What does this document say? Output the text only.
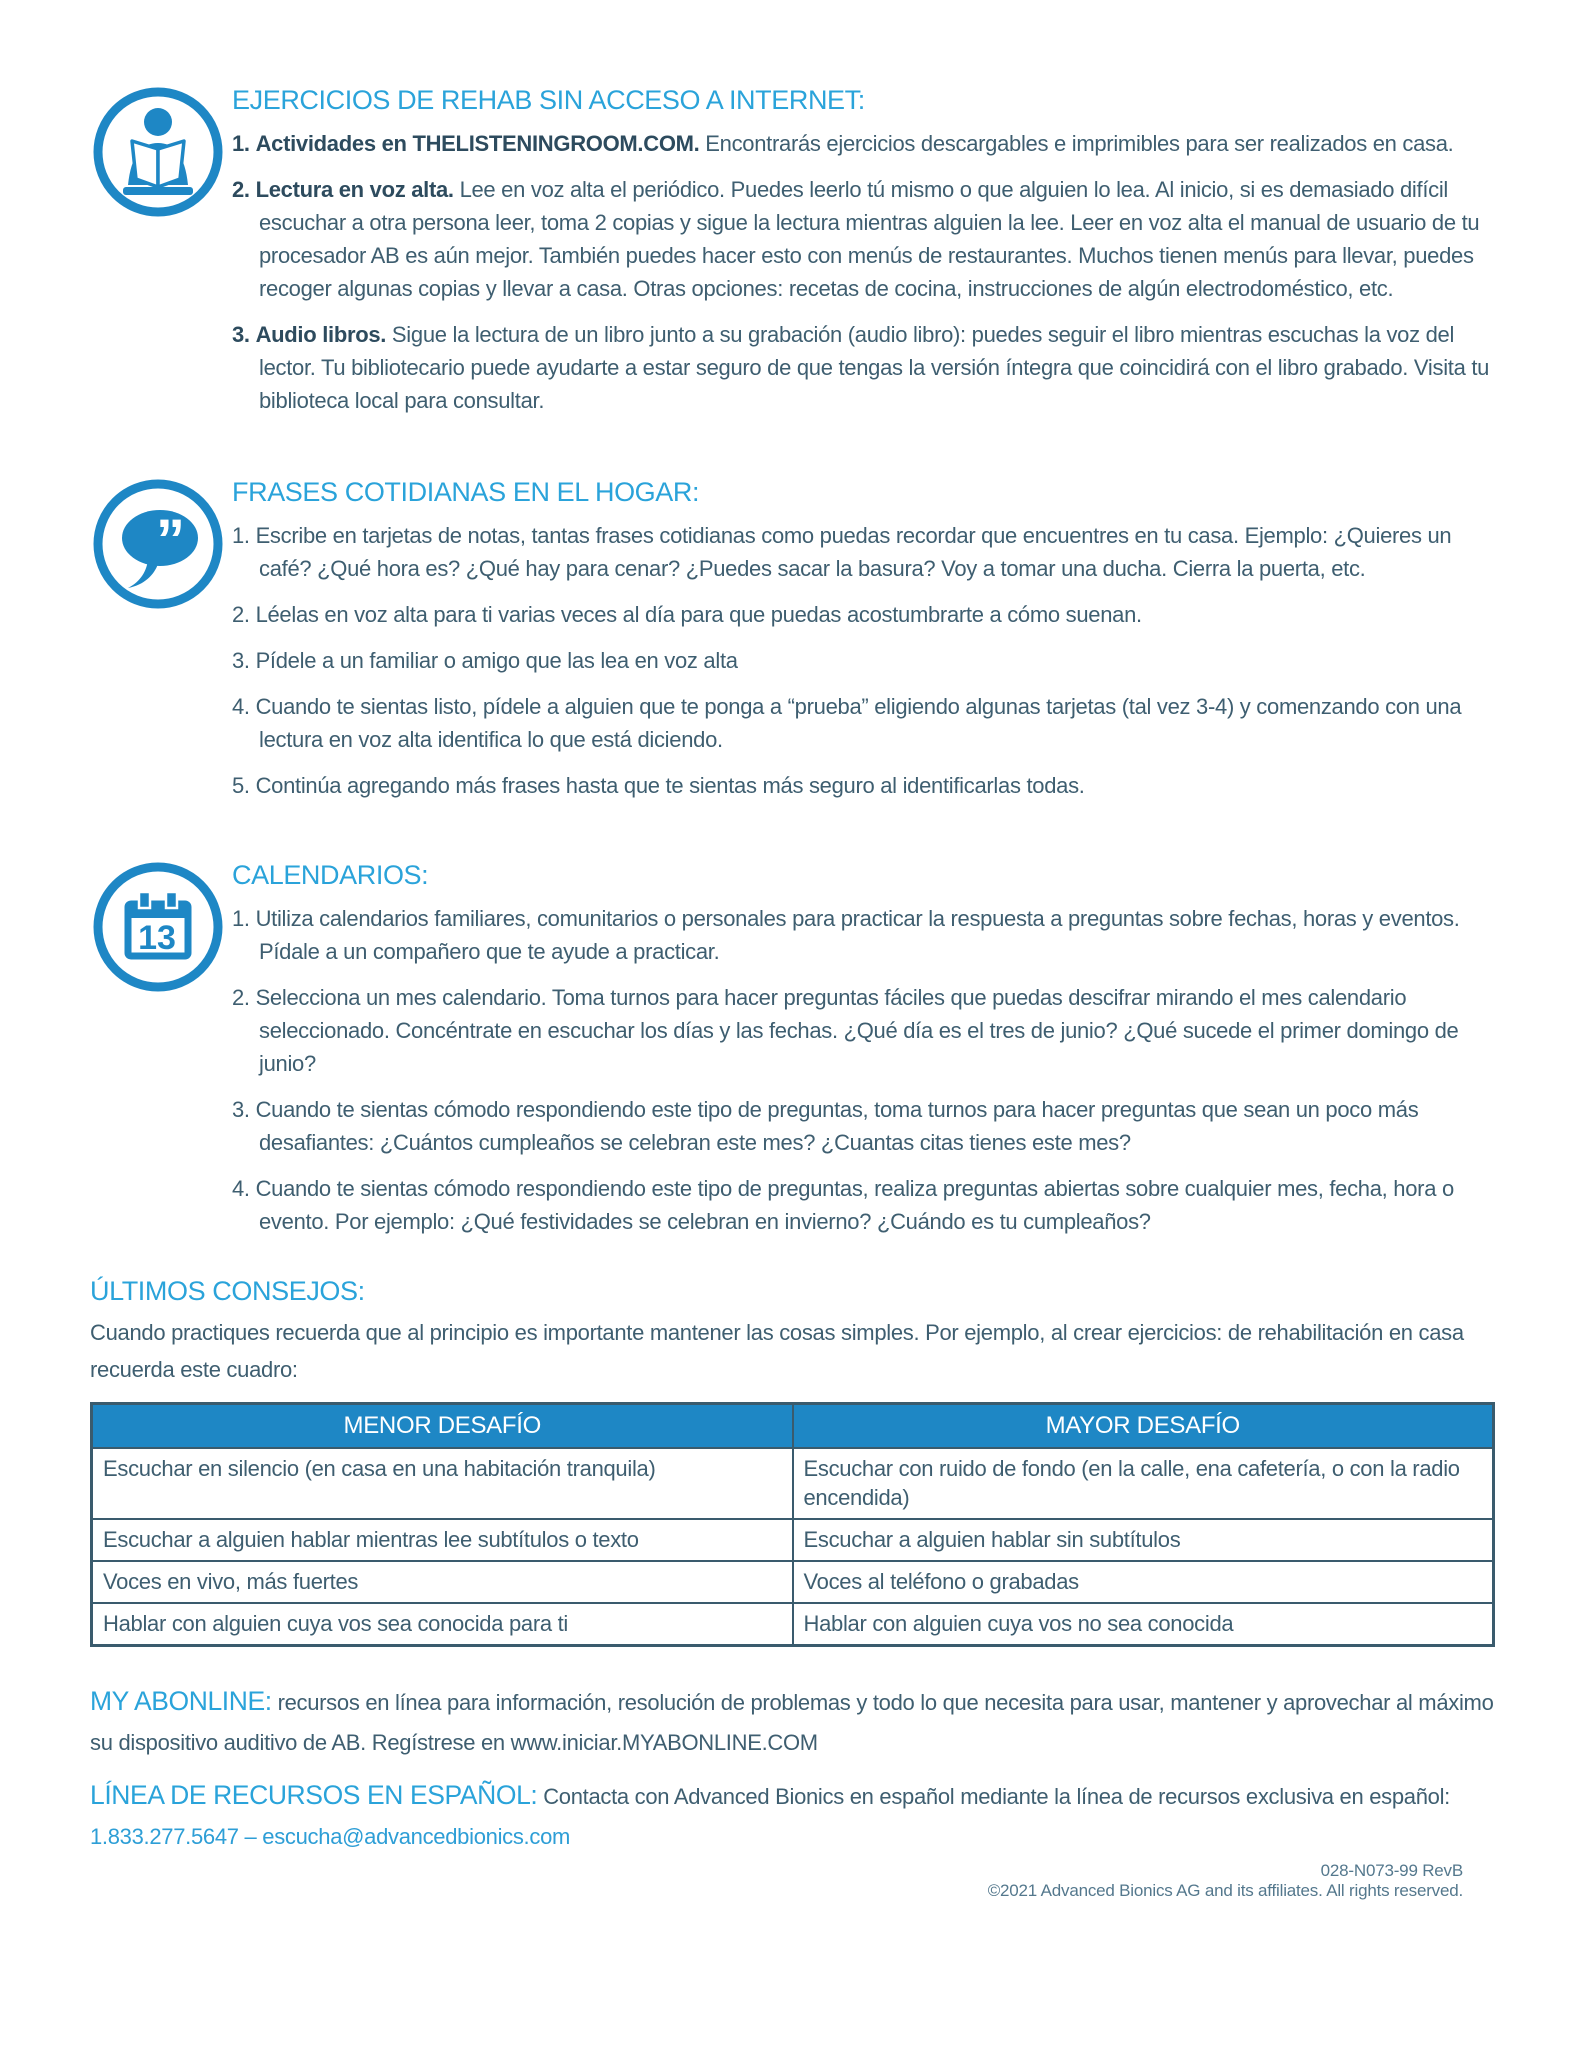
EJERCICIOS DE REHAB SIN ACCESO A INTERNET:

1. Actividades en THELISTENINGROOM.COM. Encontrarás ejercicios descargables e imprimibles para ser realizados en casa.

2. Lectura en voz alta. Lee en voz alta el periódico. Puedes leerlo tú mismo o que alguien lo lea. Al inicio, si es demasiado difícil escuchar a otra persona leer, toma 2 copias y sigue la lectura mientras alguien la lee. Leer en voz alta el manual de usuario de tu procesador AB es aún mejor. También puedes hacer esto con menús de restaurantes. Muchos tienen menús para llevar, puedes recoger algunas copias y llevar a casa. Otras opciones: recetas de cocina, instrucciones de algún electrodoméstico, etc.

3. Audio libros. Sigue la lectura de un libro junto a su grabación (audio libro): puedes seguir el libro mientras escuchas la voz del lector. Tu bibliotecario puede ayudarte a estar seguro de que tengas la versión íntegra que coincidirá con el libro grabado. Visita tu biblioteca local para consultar.

”
FRASES COTIDIANAS EN EL HOGAR:

1. Escribe en tarjetas de notas, tantas frases cotidianas como puedas recordar que encuentres en tu casa. Ejemplo: ¿Quieres un café? ¿Qué hora es? ¿Qué hay para cenar? ¿Puedes sacar la basura? Voy a tomar una ducha. Cierra la puerta, etc.

2. Léelas en voz alta para ti varias veces al día para que puedas acostumbrarte a cómo suenan.

3. Pídele a un familiar o amigo que las lea en voz alta

4. Cuando te sientas listo, pídele a alguien que te ponga a “prueba” eligiendo algunas tarjetas (tal vez 3-4) y comenzando con una lectura en voz alta identifica lo que está diciendo.

5. Continúa agregando más frases hasta que te sientas más seguro al identificarlas todas.

13
CALENDARIOS:

1. Utiliza calendarios familiares, comunitarios o personales para practicar la respuesta a preguntas sobre fechas, horas y eventos. Pídale a un compañero que te ayude a practicar.

2. Selecciona un mes calendario. Toma turnos para hacer preguntas fáciles que puedas descifrar mirando el mes calendario seleccionado. Concéntrate en escuchar los días y las fechas. ¿Qué día es el tres de junio? ¿Qué sucede el primer domingo de junio?

3. Cuando te sientas cómodo respondiendo este tipo de preguntas, toma turnos para hacer preguntas que sean un poco más desafiantes: ¿Cuántos cumpleaños se celebran este mes? ¿Cuantas citas tienes este mes?

4. Cuando te sientas cómodo respondiendo este tipo de preguntas, realiza preguntas abiertas sobre cualquier mes, fecha, hora o evento. Por ejemplo: ¿Qué festividades se celebran en invierno? ¿Cuándo es tu cumpleaños?

ÚLTIMOS CONSEJOS:

Cuando practiques recuerda que al principio es importante mantener las cosas simples. Por ejemplo, al crear ejercicios: de rehabilitación en casa recuerda este cuadro:

MENOR DESAFÍO	MAYOR DESAFÍO
Escuchar en silencio (en casa en una habitación tranquila)	Escuchar con ruido de fondo (en la calle, ena cafetería, o con la radio encendida)
Escuchar a alguien hablar mientras lee subtítulos o texto	Escuchar a alguien hablar sin subtítulos
Voces en vivo, más fuertes	Voces al teléfono o grabadas
Hablar con alguien cuya vos sea conocida para ti	Hablar con alguien cuya vos no sea conocida

MY ABONLINE: recursos en línea para información, resolución de problemas y todo lo que necesita para usar, mantener y aprovechar al máximo su dispositivo auditivo de AB. Regístrese en www.iniciar.MYABONLINE.COM

LÍNEA DE RECURSOS EN ESPAÑOL: Contacta con Advanced Bionics en español mediante la línea de recursos exclusiva en español: 1.833.277.5647 – escucha@advancedbionics.com

028-N073-99 RevB
©2021 Advanced Bionics AG and its affiliates. All rights reserved.
